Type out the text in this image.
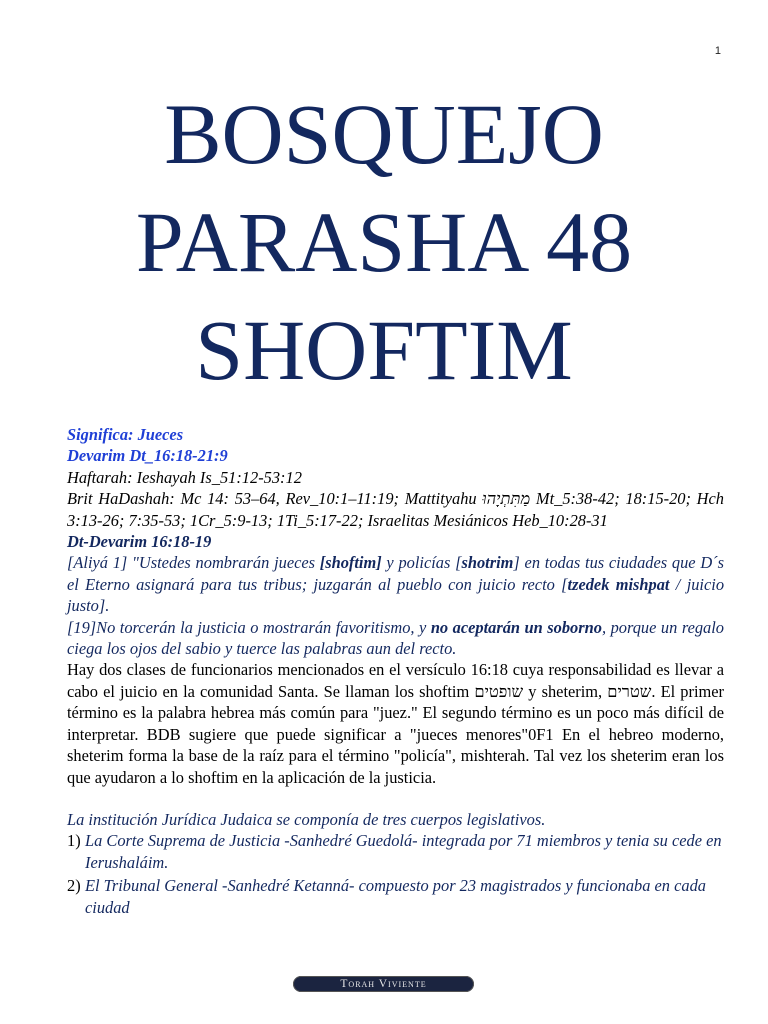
1
BOSQUEJO
PARASHA 48
SHOFTIM

Significa: Jueces

Devarim Dt_16:18-21:9

Haftarah: Ieshayah Is_51:12-53:12

Brit HaDashah: Mc 14: 53–64, Rev_10:1–11:19; Mattityahu מַתִּתְיָהוּ Mt_5:38-42; 18:15-20; Hch 3:13-26; 7:35-53; 1Cr_5:9-13; 1Ti_5:17-22; Israelitas Mesiánicos Heb_10:28-31

Dt-Devarim 16:18-19

[Aliyá 1] "Ustedes nombrarán jueces [shoftim] y policías [shotrim] en todas tus ciudades que D´s el Eterno asignará para tus tribus; juzgarán al pueblo con juicio recto [tzedek mishpat / juicio justo].

[19]No torcerán la justicia o mostrarán favoritismo, y no aceptarán un soborno, porque un regalo ciega los ojos del sabio y tuerce las palabras aun del recto.

Hay dos clases de funcionarios mencionados en el versículo 16:18 cuya responsabilidad es llevar a cabo el juicio en la comunidad Santa. Se llaman los shoftim שופטים y sheterim, שטרים. El primer término es la palabra hebrea más común para "juez." El segundo término es un poco más difícil de interpretar. BDB sugiere que puede significar a "jueces menores"0F1 En el hebreo moderno, sheterim forma la base de la raíz para el término "policía", mishterah. Tal vez los sheterim eran los que ayudaron a lo shoftim en la aplicación de la justicia.

La institución Jurídica Judaica se componía de tres cuerpos legislativos.

1) La Corte Suprema de Justicia -Sanhedré Guedolá- integrada por 71 miembros y tenia su cede en Ierushaláim.
2) El Tribunal General -Sanhedré Ketanná- compuesto por 23 magistrados y funcionaba en cada ciudad
Torah Viviente
